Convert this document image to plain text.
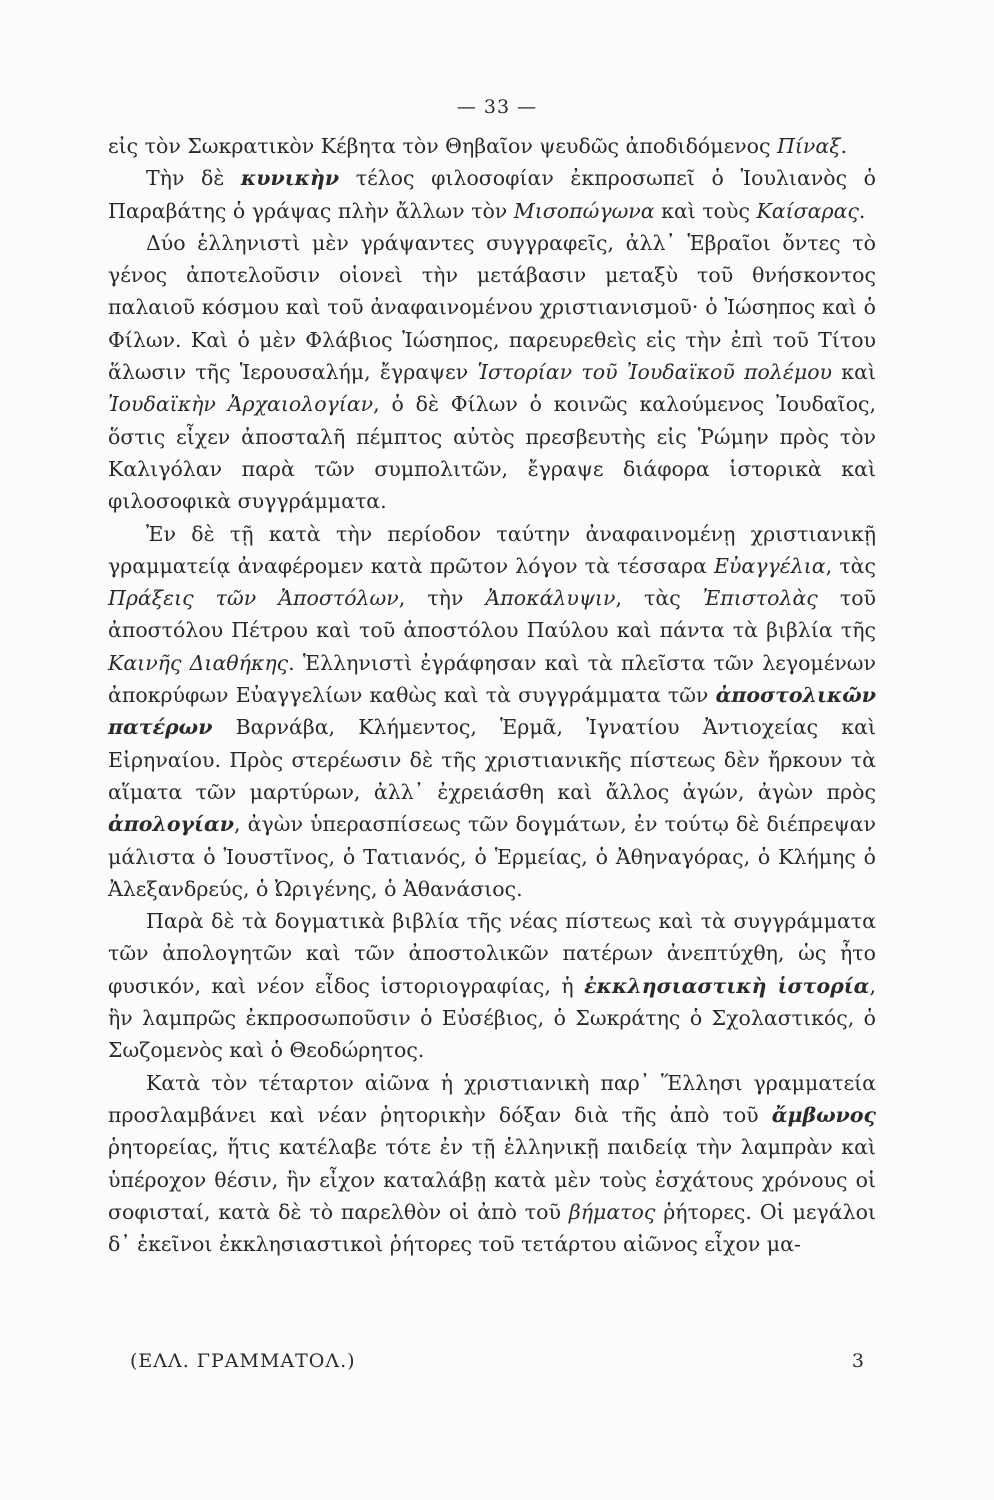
— 33 —

εἰς τὸν Σωκρατικὸν Κέβητα τὸν Θηβαῖον ψευδῶς ἀποδιδόμενος Πίναξ.

Τὴν δὲ κυνικὴν τέλος φιλοσοφίαν ἐκπροσωπεῖ ὁ Ἰουλιανὸς ὁ Παραβάτης ὁ γράψας πλὴν ἄλλων τὸν Μισοπώγωνα καὶ τοὺς Καίσαρας.

Δύο ἑλληνιστὶ μὲν γράψαντες συγγραφεῖς, ἀλλ᾽ Ἑβραῖοι ὄντες τὸ γένος ἀποτελοῦσιν οἱονεὶ τὴν μετάβασιν μεταξὺ τοῦ θνήσκοντος παλαιοῦ κόσμου καὶ τοῦ ἀναφαινομένου χριστιανισμοῦ· ὁ Ἰώσηπος καὶ ὁ Φίλων. Καὶ ὁ μὲν Φλάβιος Ἰώσηπος, παρευρεθεὶς εἰς τὴν ἐπὶ τοῦ Τίτου ἅλωσιν τῆς Ἱερουσαλήμ, ἔγραψεν Ἱστορίαν τοῦ Ἰουδαϊκοῦ πολέμου καὶ Ἰουδαϊκὴν Ἀρχαιολογίαν, ὁ δὲ Φίλων ὁ κοινῶς καλούμενος Ἰουδαῖος, ὅστις εἶχεν ἀποσταλῆ πέμπτος αὐτὸς πρεσβευτὴς εἰς Ῥώμην πρὸς τὸν Καλιγόλαν παρὰ τῶν συμπολιτῶν, ἔγραψε διάφορα ἱστορικὰ καὶ φιλοσοφικὰ συγγράμματα.

Ἐν δὲ τῇ κατὰ τὴν περίοδον ταύτην ἀναφαινομένῃ χριστιανικῇ γραμματείᾳ ἀναφέρομεν κατὰ πρῶτον λόγον τὰ τέσσαρα Εὐαγγέλια, τὰς Πράξεις τῶν Ἀποστόλων, τὴν Ἀποκάλυψιν, τὰς Ἐπιστολὰς τοῦ ἀποστόλου Πέτρου καὶ τοῦ ἀποστόλου Παύλου καὶ πάντα τὰ βιβλία τῆς Καινῆς Διαθήκης. Ἑλληνιστὶ ἐγράφησαν καὶ τὰ πλεῖστα τῶν λεγομένων ἀποκρύφων Εὐαγγελίων καθὼς καὶ τὰ συγγράμματα τῶν ἀποστολικῶν πατέρων Βαρνάβα, Κλήμεντος, Ἑρμᾶ, Ἰγνατίου Ἀντιοχείας καὶ Εἰρηναίου. Πρὸς στερέωσιν δὲ τῆς χριστιανικῆς πίστεως δὲν ἤρκουν τὰ αἵματα τῶν μαρτύρων, ἀλλ᾽ ἐχρειάσθη καὶ ἄλλος ἀγών, ἀγὼν πρὸς ἀπολογίαν, ἀγὼν ὑπερασπίσεως τῶν δογμάτων, ἐν τούτῳ δὲ διέπρεψαν μάλιστα ὁ Ἰουστῖνος, ὁ Τατιανός, ὁ Ἑρμείας, ὁ Ἀθηναγόρας, ὁ Κλήμης ὁ Ἀλεξανδρεύς, ὁ Ὠριγένης, ὁ Ἀθανάσιος.

Παρὰ δὲ τὰ δογματικὰ βιβλία τῆς νέας πίστεως καὶ τὰ συγγράμματα τῶν ἀπολογητῶν καὶ τῶν ἀποστολικῶν πατέρων ἀνεπτύχθη, ὡς ἦτο φυσικόν, καὶ νέον εἶδος ἱστοριογραφίας, ἡ ἐκκλησιαστικὴ ἱστορία, ἣν λαμπρῶς ἐκπροσωποῦσιν ὁ Εὐσέβιος, ὁ Σωκράτης ὁ Σχολαστικός, ὁ Σωζομενὸς καὶ ὁ Θεοδώρητος.

Κατὰ τὸν τέταρτον αἰῶνα ἡ χριστιανικὴ παρ᾽ Ἕλλησι γραμματεία προσλαμβάνει καὶ νέαν ῥητορικὴν δόξαν διὰ τῆς ἀπὸ τοῦ ἄμβωνος ῥητορείας, ἥτις κατέλαβε τότε ἐν τῇ ἑλληνικῇ παιδείᾳ τὴν λαμπρὰν καὶ ὑπέροχον θέσιν, ἣν εἶχον καταλάβῃ κατὰ μὲν τοὺς ἐσχάτους χρόνους οἱ σοφισταί, κατὰ δὲ τὸ παρελθὸν οἱ ἀπὸ τοῦ βήματος ῥήτορες. Οἱ μεγάλοι δ᾽ ἐκεῖνοι ἐκκλησιαστικοὶ ῥήτορες τοῦ τετάρτου αἰῶνος εἶχον μα-

(ΕΛΛ. ΓΡΑΜΜΑΤΟΛ.)	3
